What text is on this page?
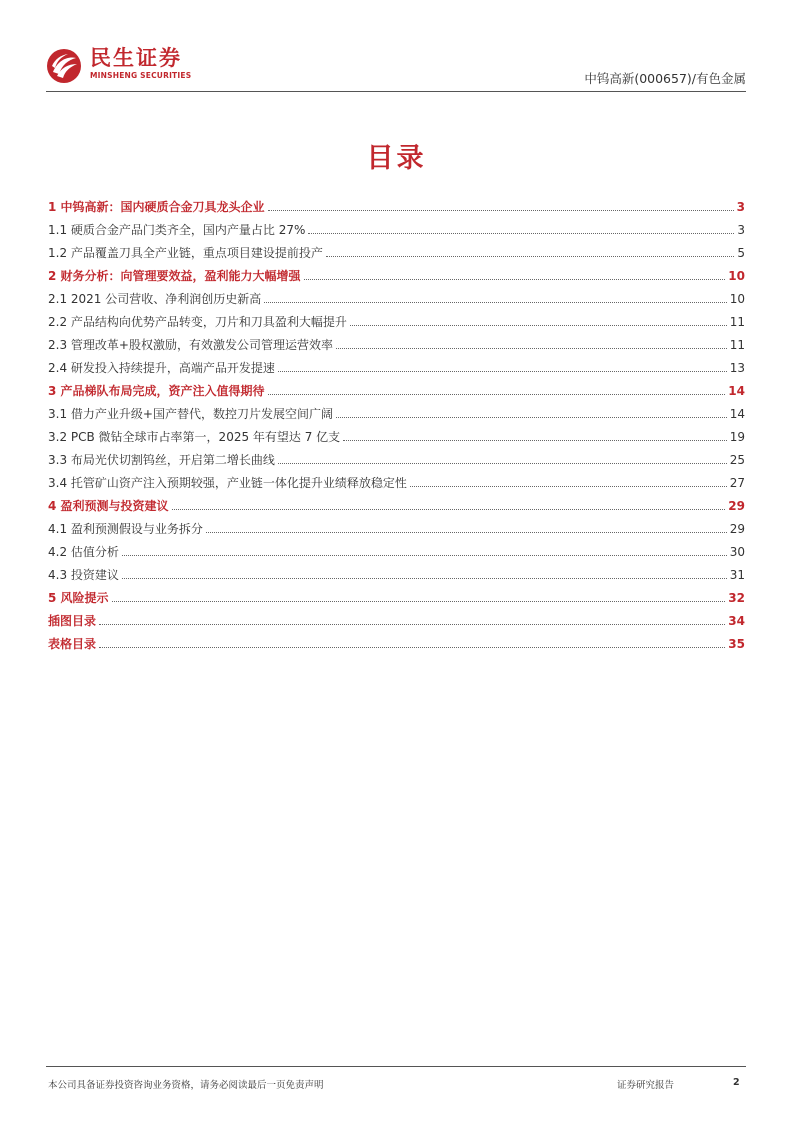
民生证券
MINSHENG SECURITIES	中钨高新(000657)/有色金属
目录
1 中钨高新：国内硬质合金刀具龙头企业	3
1.1 硬质合金产品门类齐全，国内产量占比 27%	3
1.2 产品覆盖刀具全产业链，重点项目建设提前投产	5
2 财务分析：向管理要效益，盈利能力大幅增强	10
2.1 2021 公司营收、净利润创历史新高	10
2.2 产品结构向优势产品转变，刀片和刀具盈利大幅提升	11
2.3 管理改革+股权激励，有效激发公司管理运营效率	11
2.4 研发投入持续提升，高端产品开发提速	13
3 产品梯队布局完成，资产注入值得期待	14
3.1 借力产业升级+国产替代，数控刀片发展空间广阔	14
3.2 PCB 微钻全球市占率第一，2025 年有望达 7 亿支	19
3.3 布局光伏切割钨丝，开启第二增长曲线	25
3.4 托管矿山资产注入预期较强，产业链一体化提升业绩释放稳定性	27
4 盈利预测与投资建议	29
4.1 盈利预测假设与业务拆分	29
4.2 估值分析	30
4.3 投资建议	31
5 风险提示	32
插图目录	34
表格目录	35
本公司具备证券投资咨询业务资格，请务必阅读最后一页免责声明	证券研究报告	2
